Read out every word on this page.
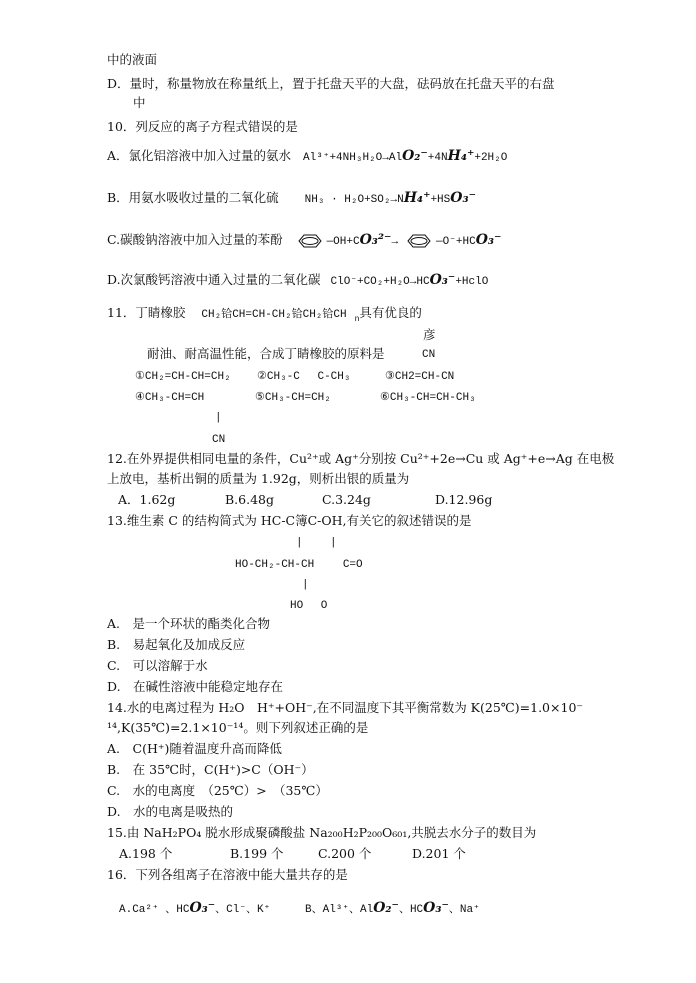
中的液面
D．量时，称量物放在称量纸上，置于托盘天平的大盘，砝码放在托盘天平的右盘
中
10．列反应的离子方程式错误的是
A．氯化铝溶液中加入过量的氨水 Al³⁺+4NH₃H₂O→AlO₂⁻+4NH₄⁺+2H₂O
B．用氨水吸收过量的二氧化硫 NH₃ · H₂O+SO₂→NH₄⁺+HSO₃⁻
C.碳酸钠溶液中加入过量的苯酚	—OH+CO₃²⁻→	—O⁻+HCO₃⁻
D.次氯酸钙溶液中通入过量的二氧化碳 ClO⁻+CO₂+H₂O→HCO₃⁻+HclO
11．丁睛橡胶 CH₂铪CH=CH-CH₂铪CH₂铪CH $_n$具有优良的
彦
耐油、耐高温性能，合成丁睛橡胶的原料是	CN
①CH₂=CH-CH=CH₂ ②CH₃-C　 C-CH₃	③CH2=CH-CN
④CH₃-CH=CH	⑤CH₃-CH=CH₂	⑥CH₃-CH=CH-CH₃
|
CN
12.在外界提供相同电量的条件，Cu²⁺或 Ag⁺分别按 Cu²⁺+2e→Cu 或 Ag⁺+e→Ag 在电极
上放电，基析出铜的质量为 1.92g，则析出银的质量为
A．1.62g	B.6.48g	C.3.24g	D.12.96g
13.维生素 C 的结构简式为 HC-C簿C-OH,有关它的叙述错误的是
| |
HO-CH₂-CH-CH　　 C=O
|
HO　 O
A.　是一个环状的酯类化合物
B.　易起氧化及加成反应
C.　可以溶解于水
D.　在碱性溶液中能稳定地存在
14.水的电离过程为 H₂O　H⁺+OH⁻,在不同温度下其平衡常数为 K(25℃)=1.0×10⁻
¹⁴,K(35℃)=2.1×10⁻¹⁴。则下列叙述正确的是
A.　C(H⁺)随着温度升高而降低
B.　在 35℃时，C(H⁺)>C（OH⁻）
C.　水的电离度　（25℃）>　（35℃）
D.　水的电离是吸热的
15.由 NaH₂PO₄ 脱水形成聚磷酸盐 Na₂₀₀H₂P₂₀₀O₆₀₁,共脱去水分子的数目为
A.198 个	B.199 个	C.200 个	D.201 个
16．下列各组离子在溶液中能大量共存的是
A.Ca²⁺ 、HCO₃⁻、Cl⁻、K⁺	B、Al³⁺、AlO₂⁻、HCO₃⁻、Na⁺
